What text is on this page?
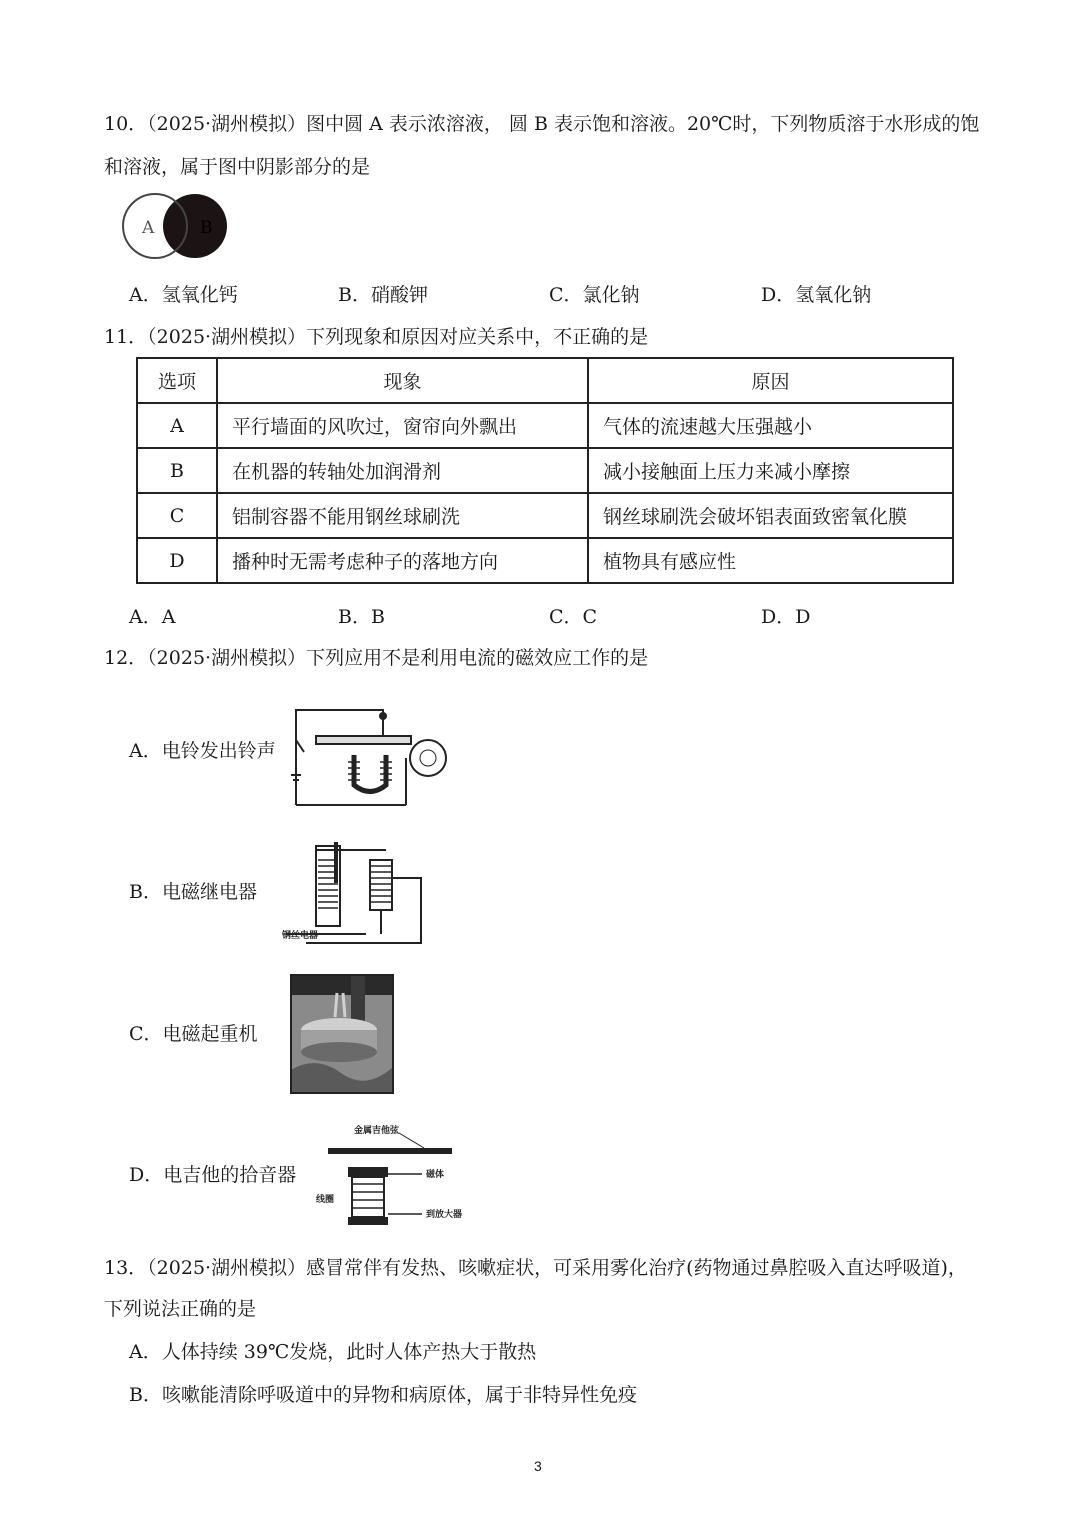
10．（2025·湖州模拟）图中圆 A 表示浓溶液， 圆 B 表示饱和溶液。20℃时，下列物质溶于水形成的饱
和溶液，属于图中阴影部分的是
A	B
A．氢氧化钙	B．硝酸钾	C．氯化钠	D．氢氧化钠
11．（2025·湖州模拟）下列现象和原因对应关系中，不正确的是
选项	现象	原因
A	平行墙面的风吹过，窗帘向外飘出	气体的流速越大压强越小
B	在机器的转轴处加润滑剂	减小接触面上压力来减小摩擦
C	铝制容器不能用钢丝球刷洗	钢丝球刷洗会破坏铝表面致密氧化膜
D	播种时无需考虑种子的落地方向	植物具有感应性
A．A	B．B	C．C	D．D
12．（2025·湖州模拟）下列应用不是利用电流的磁效应工作的是
A．电铃发出铃声
B．电磁继电器
钢丝电器
C．电磁起重机
D．电吉他的拾音器
金属吉他弦
磁体
线圈
到放大器
13．（2025·湖州模拟）感冒常伴有发热、咳嗽症状，可采用雾化治疗(药物通过鼻腔吸入直达呼吸道)，
下列说法正确的是
A．人体持续 39℃发烧，此时人体产热大于散热
B．咳嗽能清除呼吸道中的异物和病原体，属于非特异性免疫
3
